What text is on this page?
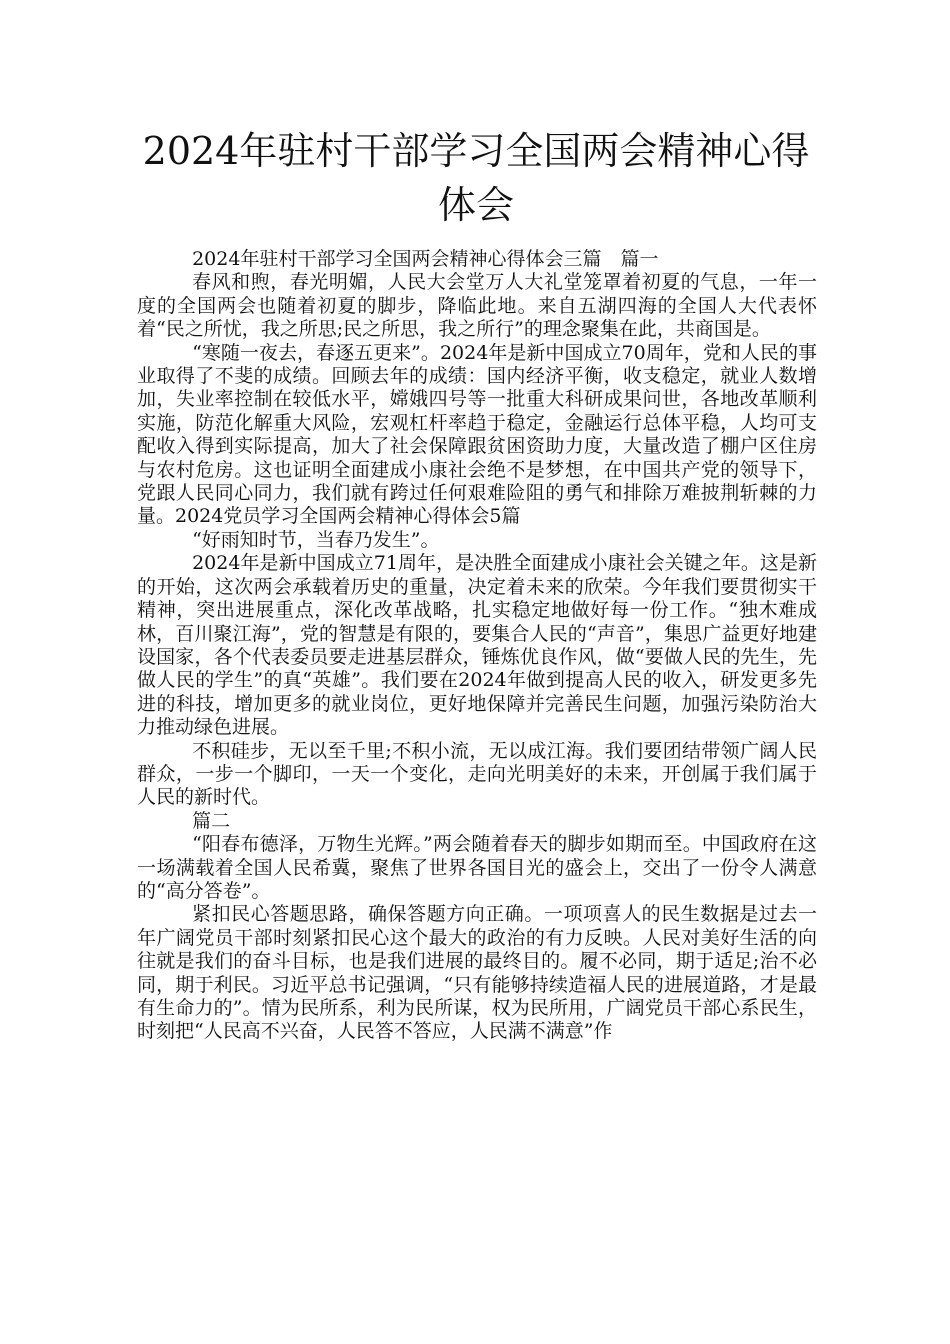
2024年驻村干部学习全国两会精神心得体会

2024年驻村干部学习全国两会精神心得体会三篇　篇一

春风和煦，春光明媚，人民大会堂万人大礼堂笼罩着初夏的气息，一年一度的全国两会也随着初夏的脚步，降临此地。来自五湖四海的全国人大代表怀着“民之所忧，我之所思;民之所思，我之所行”的理念聚集在此，共商国是。

“寒随一夜去，春逐五更来”。2024年是新中国成立70周年，党和人民的事业取得了不斐的成绩。回顾去年的成绩：国内经济平衡，收支稳定，就业人数增加，失业率控制在较低水平，嫦娥四号等一批重大科研成果问世，各地改革顺利实施，防范化解重大风险，宏观杠杆率趋于稳定，金融运行总体平稳，人均可支配收入得到实际提高，加大了社会保障跟贫困资助力度，大量改造了棚户区住房与农村危房。这也证明全面建成小康社会绝不是梦想，在中国共产党的领导下，党跟人民同心同力，我们就有跨过任何艰难险阻的勇气和排除万难披荆斩棘的力量。2024党员学习全国两会精神心得体会5篇

“好雨知时节，当春乃发生”。

2024年是新中国成立71周年，是决胜全面建成小康社会关键之年。这是新的开始，这次两会承载着历史的重量，决定着未来的欣荣。今年我们要贯彻实干精神，突出进展重点，深化改革战略，扎实稳定地做好每一份工作。“独木难成林，百川聚江海”，党的智慧是有限的，要集合人民的“声音”，集思广益更好地建设国家，各个代表委员要走进基层群众，锤炼优良作风，做“要做人民的先生，先做人民的学生”的真“英雄”。我们要在2024年做到提高人民的收入，研发更多先进的科技，增加更多的就业岗位，更好地保障并完善民生问题，加强污染防治大力推动绿色进展。

不积硅步，无以至千里;不积小流，无以成江海。我们要团结带领广阔人民群众，一步一个脚印，一天一个变化，走向光明美好的未来，开创属于我们属于人民的新时代。

篇二

“阳春布德泽，万物生光辉。”两会随着春天的脚步如期而至。中国政府在这一场满载着全国人民希冀，聚焦了世界各国目光的盛会上，交出了一份令人满意的“高分答卷”。

紧扣民心答题思路，确保答题方向正确。一项项喜人的民生数据是过去一年广阔党员干部时刻紧扣民心这个最大的政治的有力反映。人民对美好生活的向往就是我们的奋斗目标，也是我们进展的最终目的。履不必同，期于适足;治不必同，期于利民。习近平总书记强调，“只有能够持续造福人民的进展道路，才是最有生命力的”。情为民所系，利为民所谋，权为民所用，广阔党员干部心系民生，时刻把“人民高不兴奋，人民答不答应，人民满不满意”作
